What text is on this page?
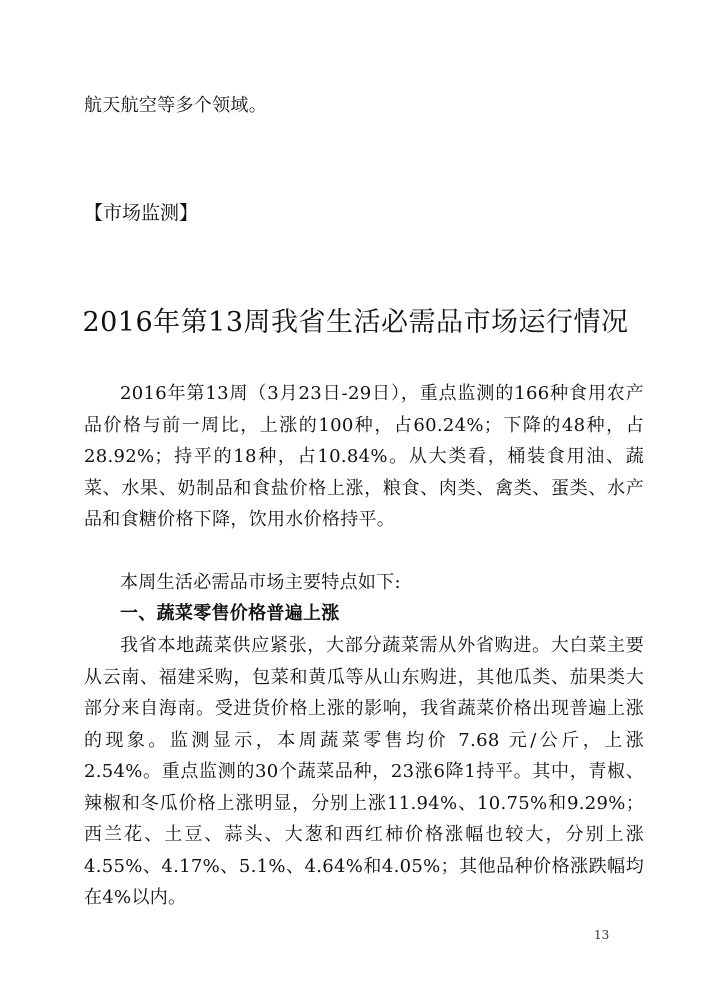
航天航空等多个领域。

【市场监测】

2016年第13周我省生活必需品市场运行情况

2016年第13周（3月23日-29日），重点监测的166种食用农产品价格与前一周比，上涨的100种，占60.24%；下降的48种，占28.92%；持平的18种，占10.84%。从大类看，桶装食用油、蔬菜、水果、奶制品和食盐价格上涨，粮食、肉类、禽类、蛋类、水产品和食糖价格下降，饮用水价格持平。

本周生活必需品市场主要特点如下:

一、蔬菜零售价格普遍上涨

我省本地蔬菜供应紧张，大部分蔬菜需从外省购进。大白菜主要从云南、福建采购，包菜和黄瓜等从山东购进，其他瓜类、茄果类大部分来自海南。受进货价格上涨的影响，我省蔬菜价格出现普遍上涨的现象。监测显示，本周蔬菜零售均价 7.68 元/公斤，上涨 2.54%。重点监测的30个蔬菜品种，23涨6降1持平。其中，青椒、辣椒和冬瓜价格上涨明显，分别上涨11.94%、10.75%和9.29%；西兰花、土豆、蒜头、大葱和西红柿价格涨幅也较大，分别上涨4.55%、4.17%、5.1%、4.64%和4.05%；其他品种价格涨跌幅均在4%以内。

13
